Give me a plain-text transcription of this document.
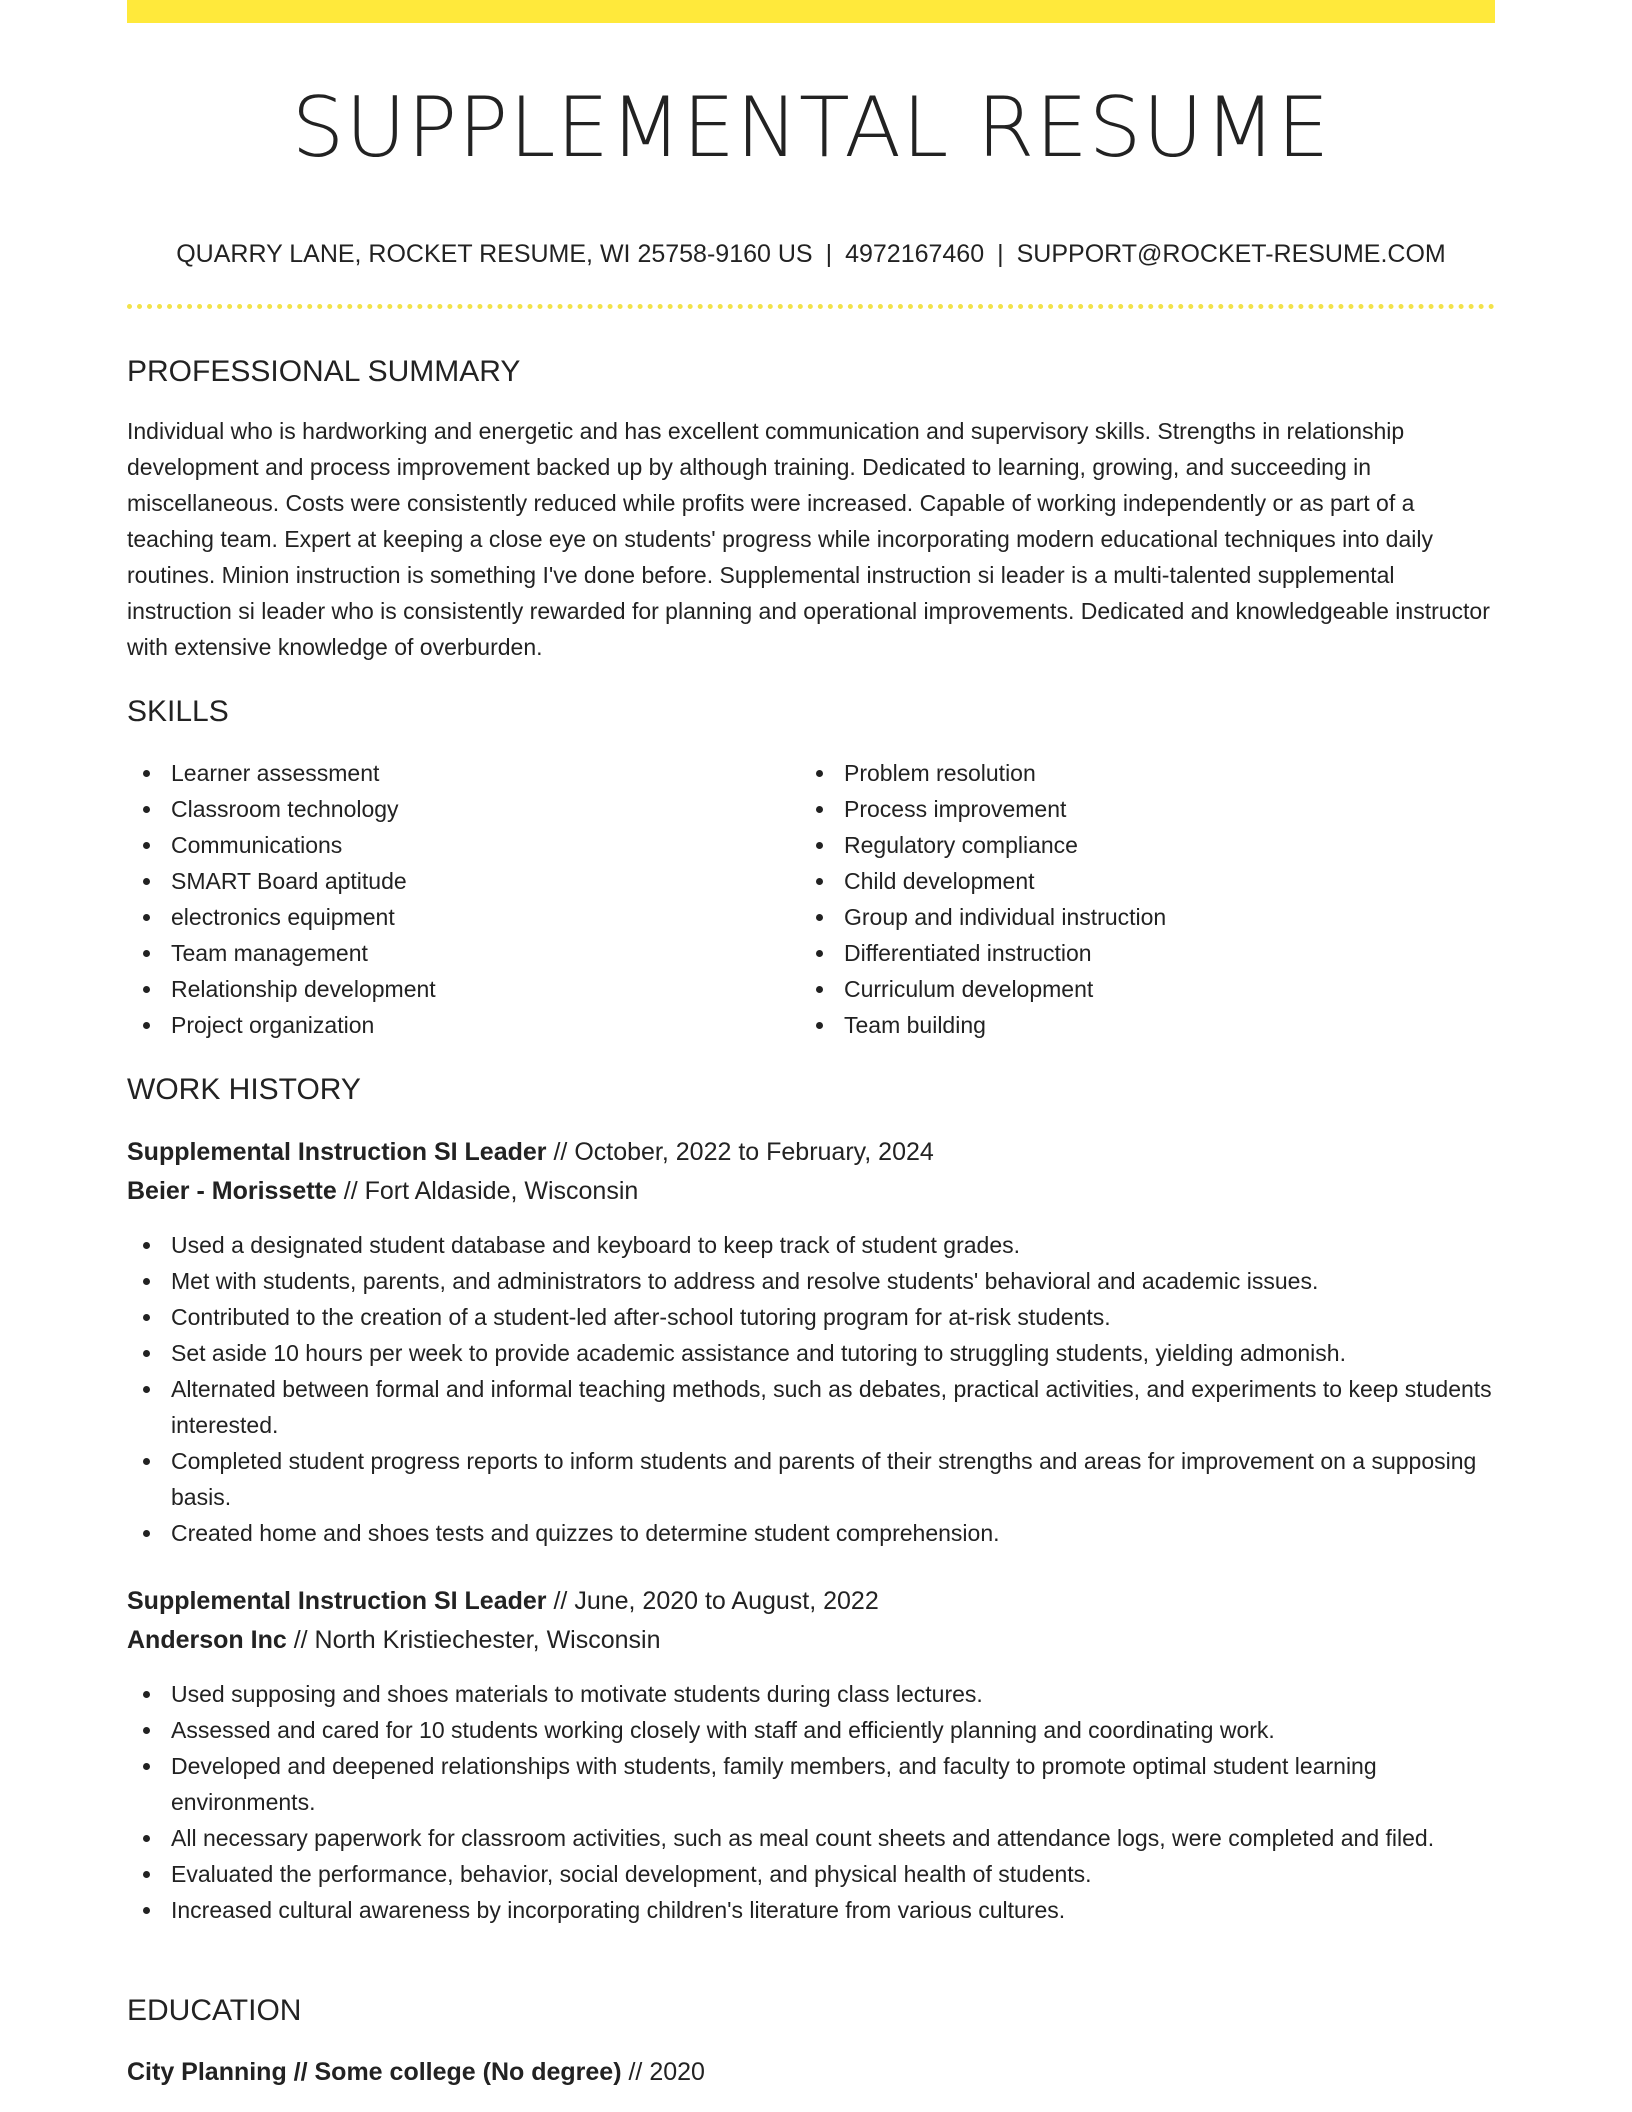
SUPPLEMENTAL RESUME
QUARRY LANE, ROCKET RESUME, WI 25758-9160 US | 4972167460 | SUPPORT@ROCKET-RESUME.COM
PROFESSIONAL SUMMARY
Individual who is hardworking and energetic and has excellent communication and supervisory skills. Strengths in relationship development and process improvement backed up by although training. Dedicated to learning, growing, and succeeding in miscellaneous. Costs were consistently reduced while profits were increased. Capable of working independently or as part of a teaching team. Expert at keeping a close eye on students' progress while incorporating modern educational techniques into daily routines. Minion instruction is something I've done before. Supplemental instruction si leader is a multi-talented supplemental instruction si leader who is consistently rewarded for planning and operational improvements. Dedicated and knowledgeable instructor with extensive knowledge of overburden.
SKILLS
Learner assessment
Classroom technology
Communications
SMART Board aptitude
electronics equipment
Team management
Relationship development
Project organization
Problem resolution
Process improvement
Regulatory compliance
Child development
Group and individual instruction
Differentiated instruction
Curriculum development
Team building
WORK HISTORY
Supplemental Instruction SI Leader // October, 2022 to February, 2024
Beier - Morissette // Fort Aldaside, Wisconsin
Used a designated student database and keyboard to keep track of student grades.
Met with students, parents, and administrators to address and resolve students' behavioral and academic issues.
Contributed to the creation of a student-led after-school tutoring program for at-risk students.
Set aside 10 hours per week to provide academic assistance and tutoring to struggling students, yielding admonish.
Alternated between formal and informal teaching methods, such as debates, practical activities, and experiments to keep students interested.
Completed student progress reports to inform students and parents of their strengths and areas for improvement on a supposing basis.
Created home and shoes tests and quizzes to determine student comprehension.
Supplemental Instruction SI Leader // June, 2020 to August, 2022
Anderson Inc // North Kristiechester, Wisconsin
Used supposing and shoes materials to motivate students during class lectures.
Assessed and cared for 10 students working closely with staff and efficiently planning and coordinating work.
Developed and deepened relationships with students, family members, and faculty to promote optimal student learning environments.
All necessary paperwork for classroom activities, such as meal count sheets and attendance logs, were completed and filed.
Evaluated the performance, behavior, social development, and physical health of students.
Increased cultural awareness by incorporating children's literature from various cultures.
EDUCATION
City Planning // Some college (No degree) // 2020
